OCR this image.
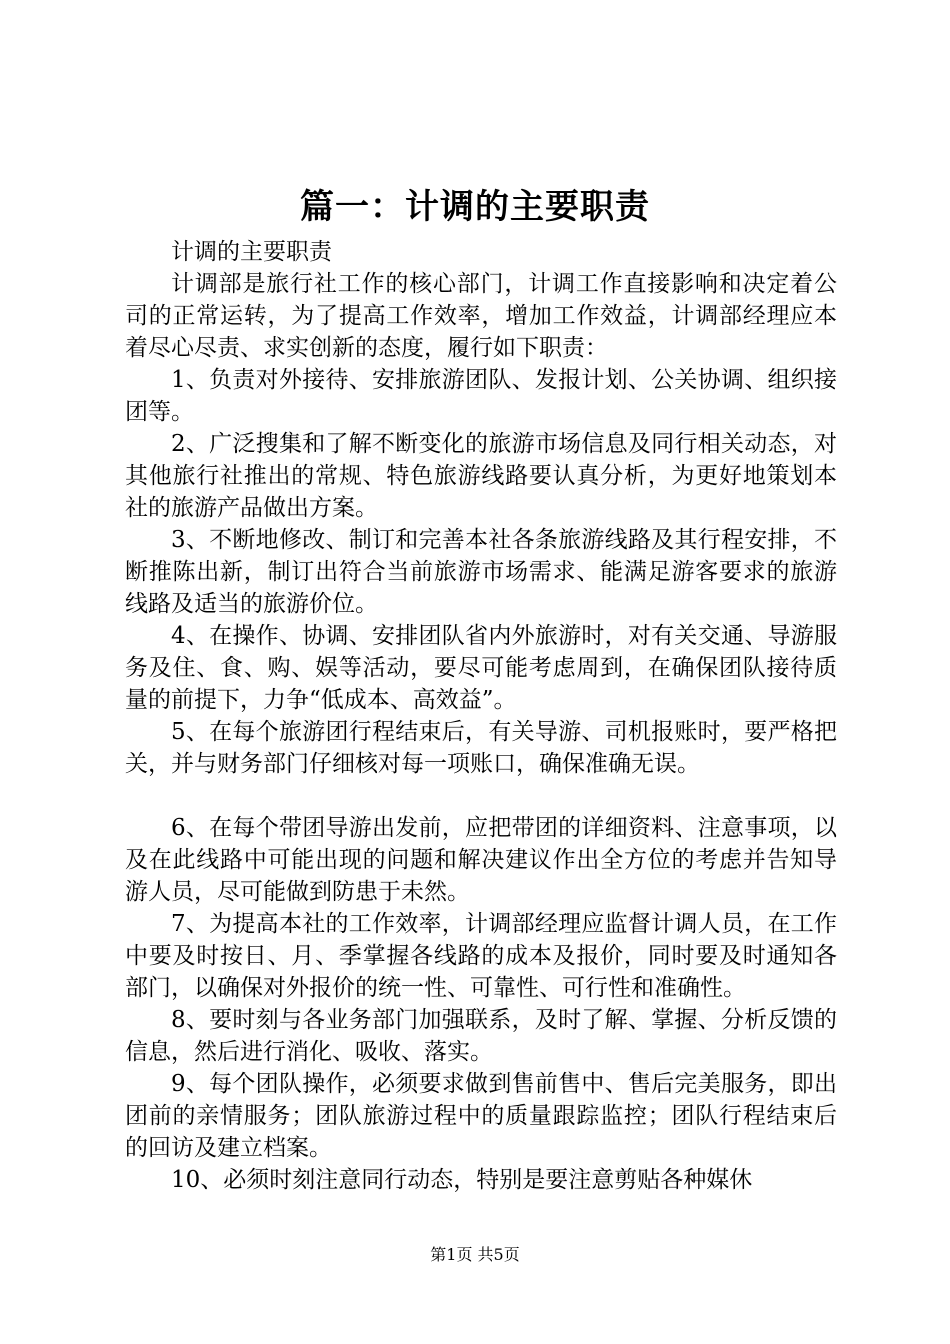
篇一：计调的主要职责

计调的主要职责

计调部是旅行社工作的核心部门，计调工作直接影响和决定着公司的正常运转，为了提高工作效率，增加工作效益，计调部经理应本着尽心尽责、求实创新的态度，履行如下职责：

1、负责对外接待、安排旅游团队、发报计划、公关协调、组织接团等。

2、广泛搜集和了解不断变化的旅游市场信息及同行相关动态，对其他旅行社推出的常规、特色旅游线路要认真分析，为更好地策划本社的旅游产品做出方案。

3、不断地修改、制订和完善本社各条旅游线路及其行程安排，不断推陈出新，制订出符合当前旅游市场需求、能满足游客要求的旅游线路及适当的旅游价位。

4、在操作、协调、安排团队省内外旅游时，对有关交通、导游服务及住、食、购、娱等活动，要尽可能考虑周到，在确保团队接待质量的前提下，力争“低成本、高效益”。

5、在每个旅游团行程结束后，有关导游、司机报账时，要严格把关，并与财务部门仔细核对每一项账口，确保准确无误。

6、在每个带团导游出发前，应把带团的详细资料、注意事项，以及在此线路中可能出现的问题和解决建议作出全方位的考虑并告知导游人员，尽可能做到防患于未然。

7、为提高本社的工作效率，计调部经理应监督计调人员，在工作中要及时按日、月、季掌握各线路的成本及报价，同时要及时通知各部门，以确保对外报价的统一性、可靠性、可行性和准确性。

8、要时刻与各业务部门加强联系，及时了解、掌握、分析反馈的信息，然后进行消化、吸收、落实。

9、每个团队操作，必须要求做到售前售中、售后完美服务，即出团前的亲情服务；团队旅游过程中的质量跟踪监控；团队行程结束后的回访及建立档案。

10、必须时刻注意同行动态，特别是要注意剪贴各种媒休

第1页 共5页
